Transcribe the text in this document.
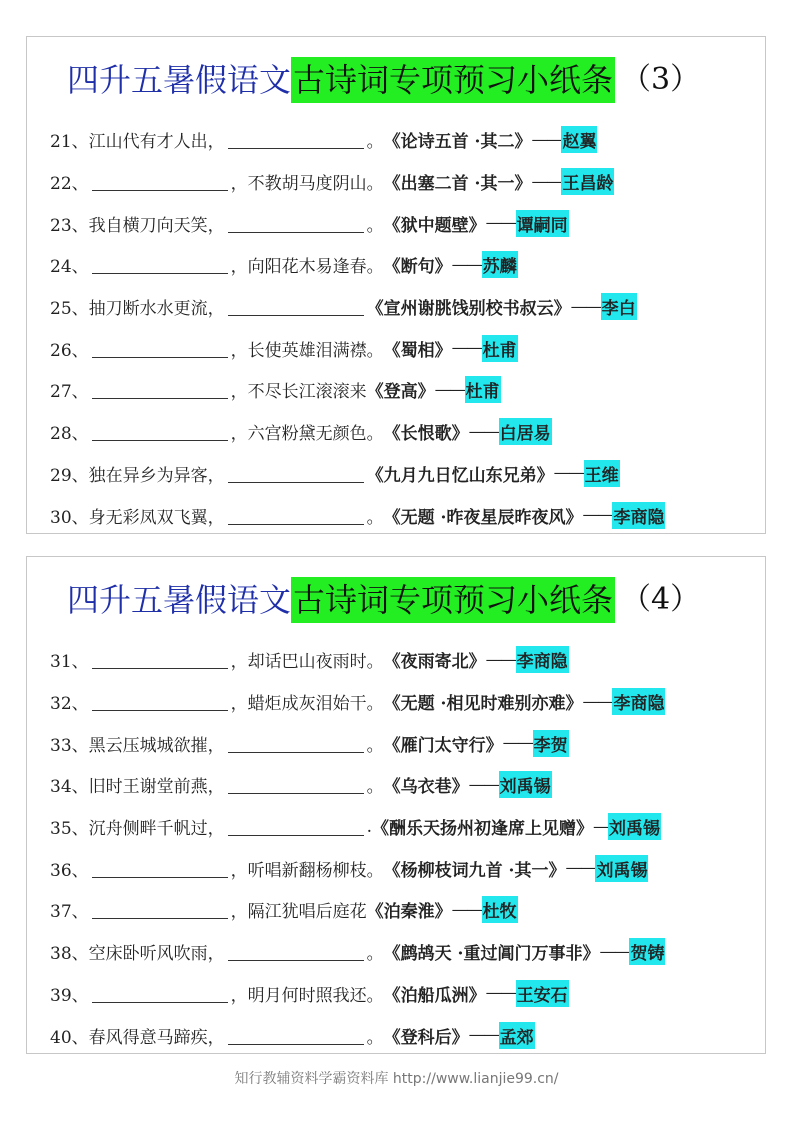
四升五暑假语文 古诗词专项预习小纸条 （3）
21、 江山代有才人出，	。 《论诗五首 ·其二》 —— 赵翼
22、	，不教胡马度阴山。 《出塞二首 ·其一》 —— 王昌龄
23、 我自横刀向天笑，	。 《狱中题壁》 —— 谭嗣同
24、	，向阳花木易逢春。 《断句》 —— 苏麟
25、 抽刀断水水更流，	《宣州谢朓饯别校书叔云》 —— 李白
26、	，长使英雄泪满襟。 《蜀相》 —— 杜甫
27、	，不尽长江滚滚来 《登高》 —— 杜甫
28、	，六宫粉黛无颜色。 《长恨歌》 —— 白居易
29、 独在异乡为异客，	《九月九日忆山东兄弟》 —— 王维
30、 身无彩凤双飞翼，	。 《无题 ·昨夜星辰昨夜风》 —— 李商隐
四升五暑假语文 古诗词专项预习小纸条 （4）
31、	，却话巴山夜雨时。 《夜雨寄北》 —— 李商隐
32、	，蜡炬成灰泪始干。 《无题 ·相见时难别亦难》 —— 李商隐
33、 黑云压城城欲摧，	。 《雁门太守行》 —— 李贺
34、 旧时王谢堂前燕，	。 《乌衣巷》 —— 刘禹锡
35、 沉舟侧畔千帆过，	. 《酬乐天扬州初逢席上见赠》 — 刘禹锡
36、	，听唱新翻杨柳枝。 《杨柳枝词九首 ·其一》 —— 刘禹锡
37、	，隔江犹唱后庭花 《泊秦淮》 —— 杜牧
38、 空床卧听风吹雨，	。 《鹧鸪天 ·重过阊门万事非》 —— 贺铸
39、	，明月何时照我还。 《泊船瓜洲》 —— 王安石
40、 春风得意马蹄疾，	。 《登科后》 —— 孟郊
知行教辅资料学霸资料库 http://www.lianjie99.cn/
